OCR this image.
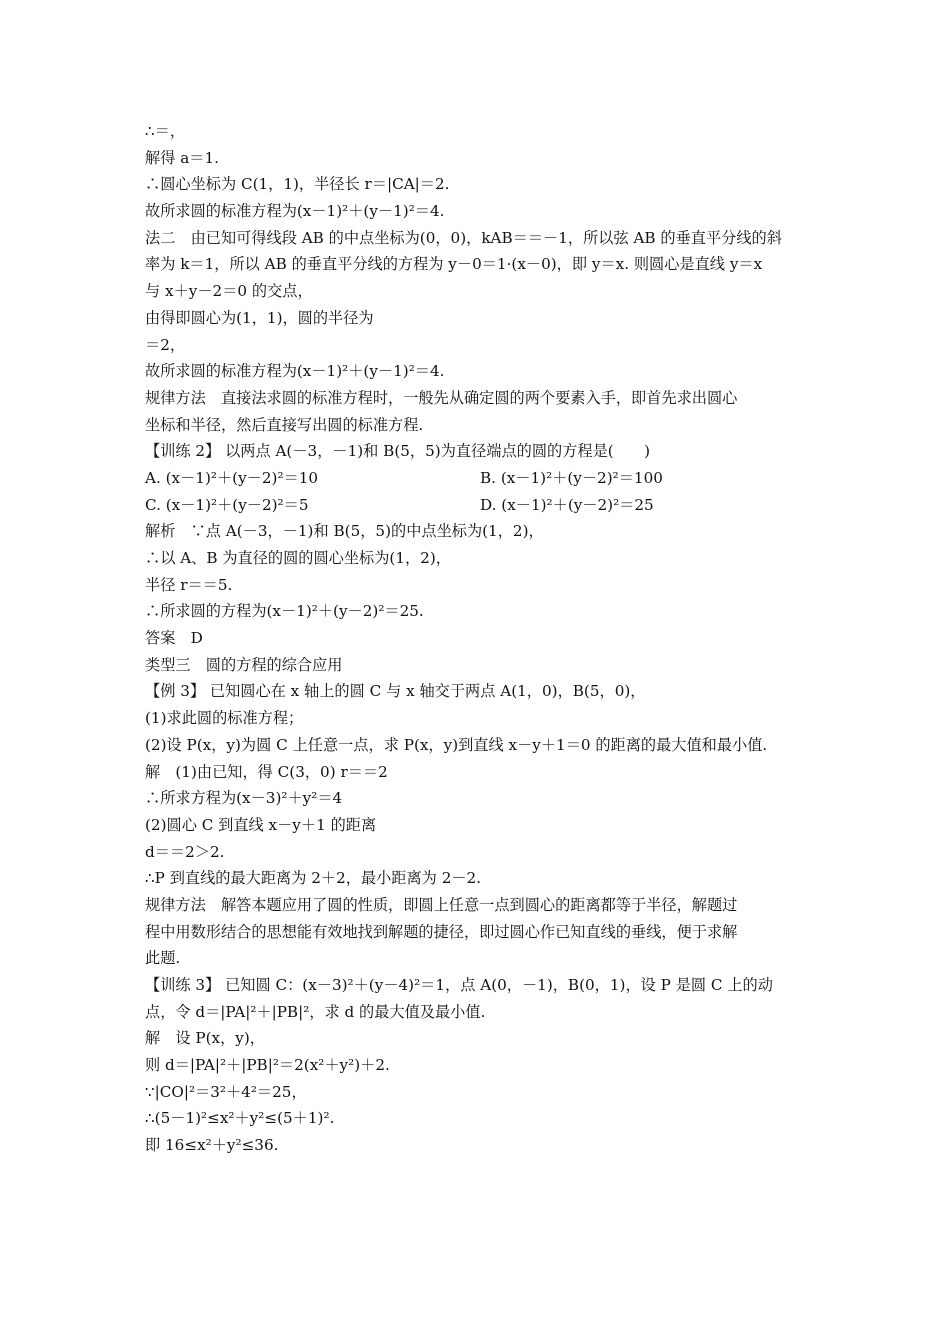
∴＝，
解得 a＝1.
∴圆心坐标为 C(1，1)，半径长 r＝|CA|＝2.
故所求圆的标准方程为(x－1)²＋(y－1)²＝4.
法二　由已知可得线段 AB 的中点坐标为(0，0)，kAB＝＝－1，所以弦 AB 的垂直平分线的斜
率为 k＝1，所以 AB 的垂直平分线的方程为 y－0＝1·(x－0)，即 y＝x. 则圆心是直线 y＝x
与 x＋y－2＝0 的交点，
由得即圆心为(1，1)，圆的半径为
＝2，
故所求圆的标准方程为(x－1)²＋(y－1)²＝4.
规律方法　直接法求圆的标准方程时，一般先从确定圆的两个要素入手，即首先求出圆心
坐标和半径，然后直接写出圆的标准方程.
【训练 2】 以两点 A(－3，－1)和 B(5，5)为直径端点的圆的方程是(　　)
A. (x－1)²＋(y－2)²＝10	B. (x－1)²＋(y－2)²＝100
C. (x－1)²＋(y－2)²＝5	D. (x－1)²＋(y－2)²＝25
解析　∵点 A(－3，－1)和 B(5，5)的中点坐标为(1，2)，
∴以 A、B 为直径的圆的圆心坐标为(1，2)，
半径 r＝＝5.
∴所求圆的方程为(x－1)²＋(y－2)²＝25.
答案　D
类型三　圆的方程的综合应用
【例 3】 已知圆心在 x 轴上的圆 C 与 x 轴交于两点 A(1，0)，B(5，0)，
(1)求此圆的标准方程；
(2)设 P(x，y)为圆 C 上任意一点，求 P(x，y)到直线 x－y＋1＝0 的距离的最大值和最小值.
解　(1)由已知，得 C(3，0) r＝＝2
∴所求方程为(x－3)²＋y²＝4
(2)圆心 C 到直线 x－y＋1 的距离
d＝＝2＞2.
∴P 到直线的最大距离为 2＋2，最小距离为 2－2.
规律方法　解答本题应用了圆的性质，即圆上任意一点到圆心的距离都等于半径，解题过
程中用数形结合的思想能有效地找到解题的捷径，即过圆心作已知直线的垂线，便于求解
此题.
【训练 3】 已知圆 C：(x－3)²＋(y－4)²＝1，点 A(0，－1)，B(0，1)，设 P 是圆 C 上的动
点，令 d＝|PA|²＋|PB|²，求 d 的最大值及最小值.
解　设 P(x，y)，
则 d＝|PA|²＋|PB|²＝2(x²＋y²)＋2.
∵|CO|²＝3²＋4²＝25，
∴(5－1)²≤x²＋y²≤(5＋1)².
即 16≤x²＋y²≤36.
